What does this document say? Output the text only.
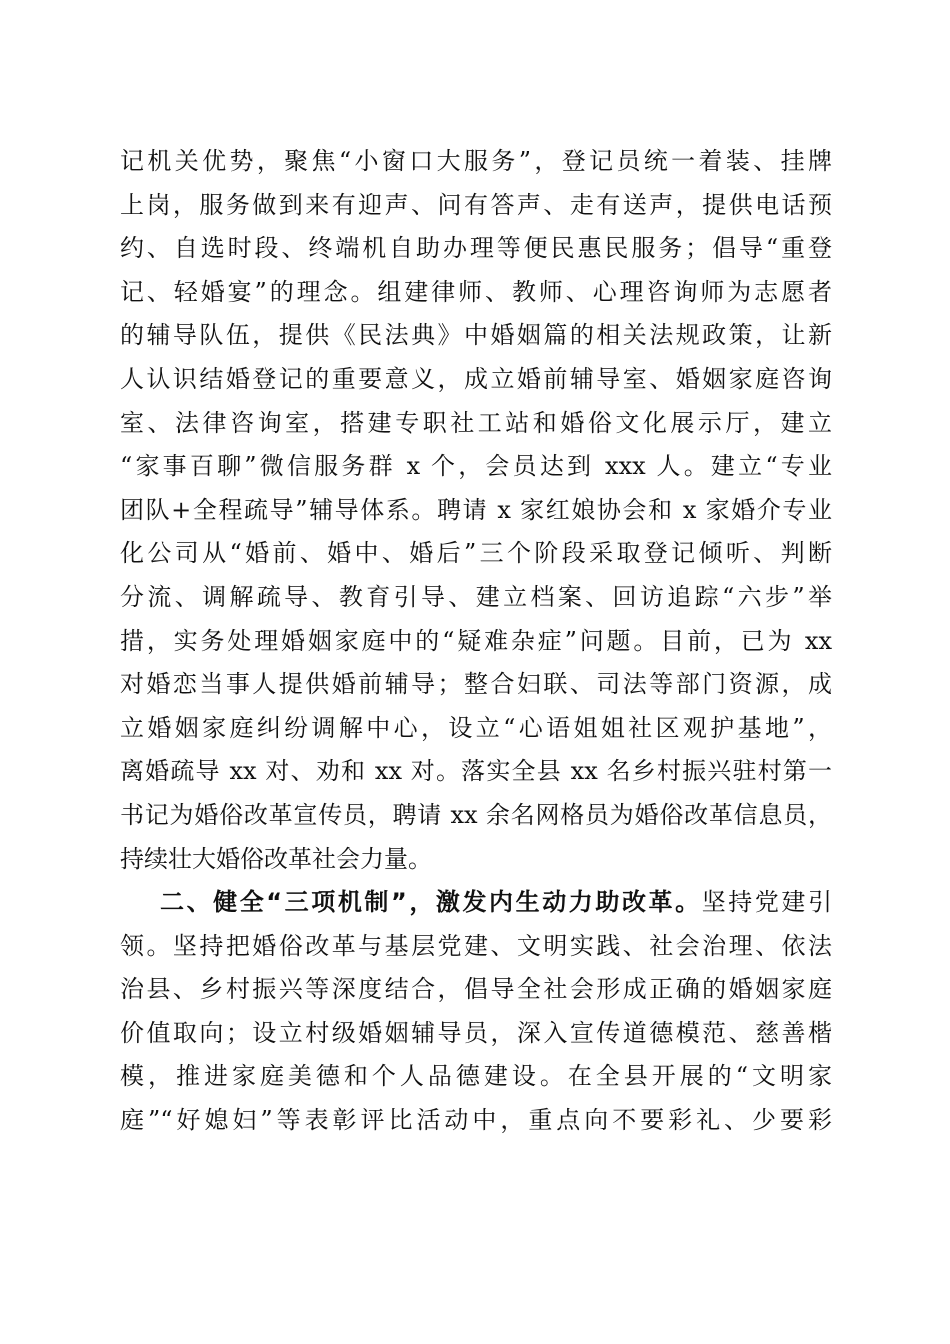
记机关优势，聚焦“小窗口大服务”，登记员统一着装、挂牌
上岗，服务做到来有迎声、问有答声、走有送声，提供电话预
约、自选时段、终端机自助办理等便民惠民服务；倡导“重登
记、轻婚宴”的理念。组建律师、教师、心理咨询师为志愿者
的辅导队伍，提供《民法典》中婚姻篇的相关法规政策，让新
人认识结婚登记的重要意义，成立婚前辅导室、婚姻家庭咨询
室、法律咨询室，搭建专职社工站和婚俗文化展示厅，建立
“家事百聊”微信服务群 x 个，会员达到 xxx 人。建立“专业
团队+全程疏导”辅导体系。聘请 x 家红娘协会和 x 家婚介专业
化公司从“婚前、婚中、婚后”三个阶段采取登记倾听、判断
分流、调解疏导、教育引导、建立档案、回访追踪“六步”举
措，实务处理婚姻家庭中的“疑难杂症”问题。目前，已为 xx
对婚恋当事人提供婚前辅导；整合妇联、司法等部门资源，成
立婚姻家庭纠纷调解中心，设立“心语姐姐社区观护基地”，
离婚疏导 xx 对、劝和 xx 对。落实全县 xx 名乡村振兴驻村第一
书记为婚俗改革宣传员，聘请 xx 余名网格员为婚俗改革信息员，
持续壮大婚俗改革社会力量。
二、健全“三项机制”，激发内生动力助改革。坚持党建引
领。坚持把婚俗改革与基层党建、文明实践、社会治理、依法
治县、乡村振兴等深度结合，倡导全社会形成正确的婚姻家庭
价值取向；设立村级婚姻辅导员，深入宣传道德模范、慈善楷
模，推进家庭美德和个人品德建设。在全县开展的“文明家
庭”“好媳妇”等表彰评比活动中，重点向不要彩礼、少要彩
